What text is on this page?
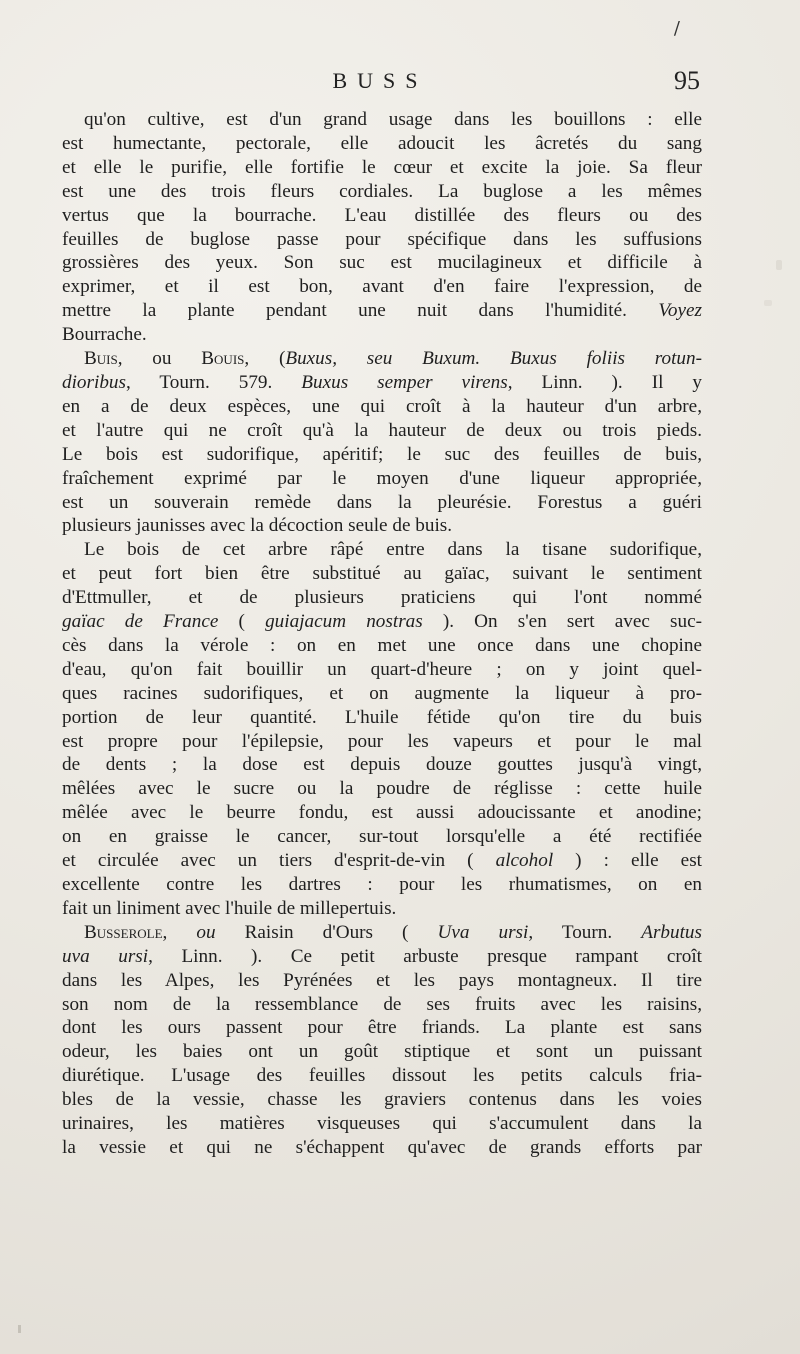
/
BUSS	95
qu'on cultive, est d'un grand usage dans les bouillons : elle
est humectante, pectorale, elle adoucit les âcretés du sang
et elle le purifie, elle fortifie le cœur et excite la joie. Sa fleur
est une des trois fleurs cordiales. La buglose a les mêmes
vertus que la bourrache. L'eau distillée des fleurs ou des
feuilles de buglose passe pour spécifique dans les suffusions
grossières des yeux. Son suc est mucilagineux et difficile à
exprimer, et il est bon, avant d'en faire l'expression, de
mettre la plante pendant une nuit dans l'humidité. Voyez
Bourrache.
Buis, ou Bouis, (Buxus, seu Buxum. Buxus foliis rotun-
dioribus, Tourn. 579. Buxus semper virens, Linn. ). Il y
en a de deux espèces, une qui croît à la hauteur d'un arbre,
et l'autre qui ne croît qu'à la hauteur de deux ou trois pieds.
Le bois est sudorifique, apéritif; le suc des feuilles de buis,
fraîchement exprimé par le moyen d'une liqueur appropriée,
est un souverain remède dans la pleurésie. Forestus a guéri
plusieurs jaunisses avec la décoction seule de buis.
Le bois de cet arbre râpé entre dans la tisane sudorifique,
et peut fort bien être substitué au gaïac, suivant le sentiment
d'Ettmuller, et de plusieurs praticiens qui l'ont nommé
gaïac de France ( guiajacum nostras ). On s'en sert avec suc-
cès dans la vérole : on en met une once dans une chopine
d'eau, qu'on fait bouillir un quart-d'heure ; on y joint quel-
ques racines sudorifiques, et on augmente la liqueur à pro-
portion de leur quantité. L'huile fétide qu'on tire du buis
est propre pour l'épilepsie, pour les vapeurs et pour le mal
de dents ; la dose est depuis douze gouttes jusqu'à vingt,
mêlées avec le sucre ou la poudre de réglisse : cette huile
mêlée avec le beurre fondu, est aussi adoucissante et anodine;
on en graisse le cancer, sur-tout lorsqu'elle a été rectifiée
et circulée avec un tiers d'esprit-de-vin ( alcohol ) : elle est
excellente contre les dartres : pour les rhumatismes, on en
fait un liniment avec l'huile de millepertuis.
Busserole, ou Raisin d'Ours ( Uva ursi, Tourn. Arbutus
uva ursi, Linn. ). Ce petit arbuste presque rampant croît
dans les Alpes, les Pyrénées et les pays montagneux. Il tire
son nom de la ressemblance de ses fruits avec les raisins,
dont les ours passent pour être friands. La plante est sans
odeur, les baies ont un goût stiptique et sont un puissant
diurétique. L'usage des feuilles dissout les petits calculs fria-
bles de la vessie, chasse les graviers contenus dans les voies
urinaires, les matières visqueuses qui s'accumulent dans la
la vessie et qui ne s'échappent qu'avec de grands efforts par
